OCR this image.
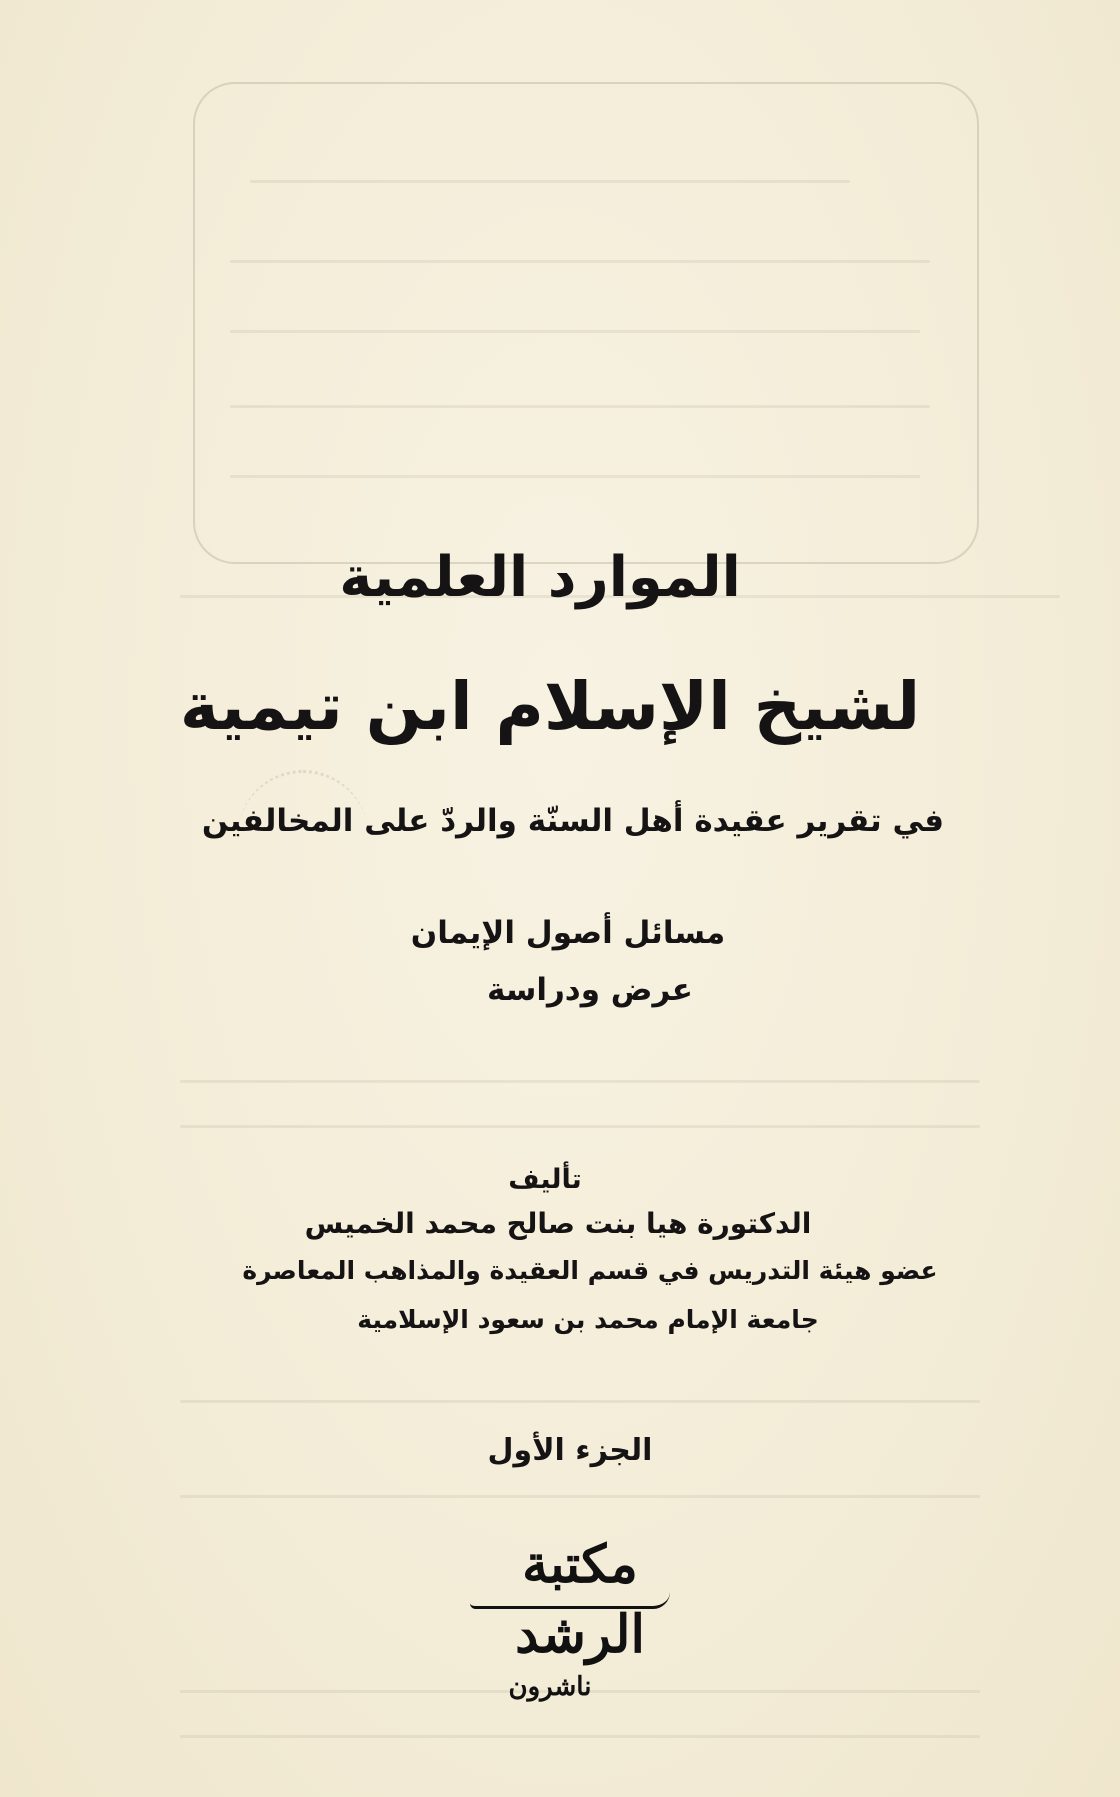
الموارد العلمية
لشيخ الإسلام ابن تيمية
في تقرير عقيدة أهل السنّة والردّ على المخالفين
مسائل أصول الإيمان
عرض ودراسة
تأليف
الدكتورة هيا بنت صالح محمد الخميس
عضو هيئة التدريس في قسم العقيدة والمذاهب المعاصرة
جامعة الإمام محمد بن سعود الإسلامية
الجزء الأول
مكتبة الرشد
ناشرون
